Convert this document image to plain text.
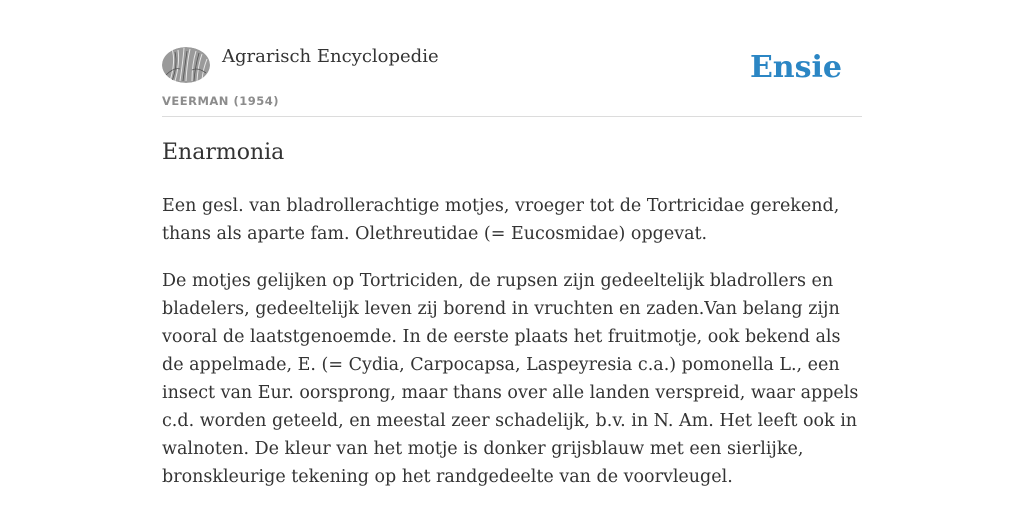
Agrarisch Encyclopedie
VEERMAN (1954)
Ensie
Enarmonia

Een gesl. van bladrollerachtige motjes, vroeger tot de Tortricidae gerekend, thans als aparte fam. Olethreutidae (= Eucosmidae) opgevat.

De motjes gelijken op Tortriciden, de rupsen zijn gedeeltelijk bladrollers en bladelers, gedeeltelijk leven zij borend in vruchten en zaden.Van belang zijn vooral de laatstgenoemde. In de eerste plaats het fruitmotje, ook bekend als de appelmade, E. (= Cydia, Carpocapsa, Laspeyresia c.a.) pomonella L., een insect van Eur. oorsprong, maar thans over alle landen verspreid, waar appels c.d. worden geteeld, en meestal zeer schadelijk, b.v. in N. Am. Het leeft ook in walnoten. De kleur van het motje is donker grijsblauw met een sierlijke, bronskleurige tekening op het randgedeelte van de voorvleugel.
